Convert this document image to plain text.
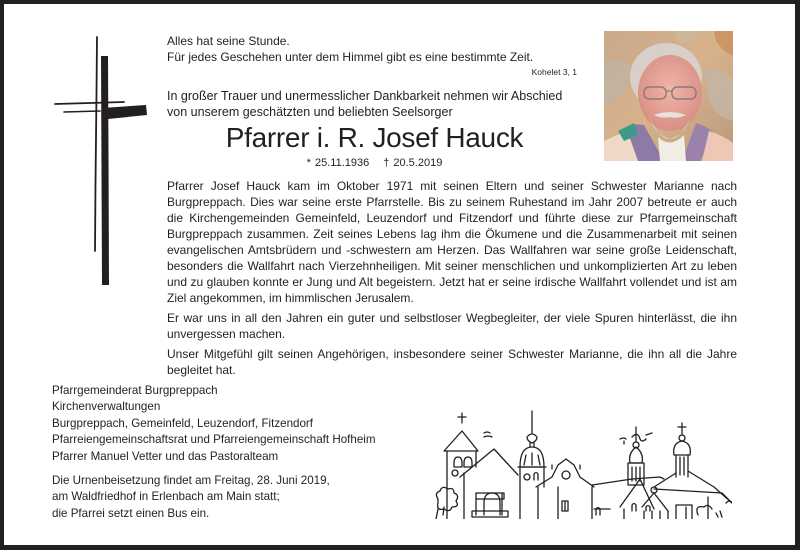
Alles hat seine Stunde.

Für jedes Geschehen unter dem Himmel gibt es eine bestimmte Zeit.

Kohelet 3, 1

In großer Trauer und unermesslicher Dankbarkeit nehmen wir Abschied
von unserem geschätzten und beliebten Seelsorger

Pfarrer i. R. Josef Hauck
* 25.11.1936 † 20.5.2019

Pfarrer Josef Hauck kam im Oktober 1971 mit seinen Eltern und seiner Schwester Marianne nach Burgpreppach. Dies war seine erste Pfarrstelle. Bis zu seinem Ruhestand im Jahr 2007 betreute er auch die Kirchengemeinden Gemeinfeld, Leuzendorf und Fitzendorf und führte diese zur Pfarrgemeinschaft Burgpreppach zusammen. Zeit seines Lebens lag ihm die Ökumene und die Zusammenarbeit mit seinen evangelischen Amtsbrüdern und -schwestern am Herzen. Das Wallfahren war seine große Leidenschaft, besonders die Wallfahrt nach Vierzehnheiligen. Mit seiner menschlichen und unkomplizierten Art zu leben und zu glauben konnte er Jung und Alt begeistern. Jetzt hat er seine irdische Wallfahrt vollendet und ist am Ziel angekommen, im himmlischen Jerusalem.

Er war uns in all den Jahren ein guter und selbstloser Wegbegleiter, der viele Spuren hinterlässt, die ihn unvergessen machen.

Unser Mitgefühl gilt seinen Angehörigen, insbesondere seiner Schwester Marianne, die ihn all die Jahre begleitet hat.

Pfarrgemeinderat Burgpreppach
Kirchenverwaltungen
Burgpreppach, Gemeinfeld, Leuzendorf, Fitzendorf
Pfarreiengemeinschaftsrat und Pfarreiengemeinschaft Hofheim
Pfarrer Manuel Vetter und das Pastoralteam
Die Urnenbeisetzung findet am Freitag, 28. Juni 2019,
am Waldfriedhof in Erlenbach am Main statt;
die Pfarrei setzt einen Bus ein.
